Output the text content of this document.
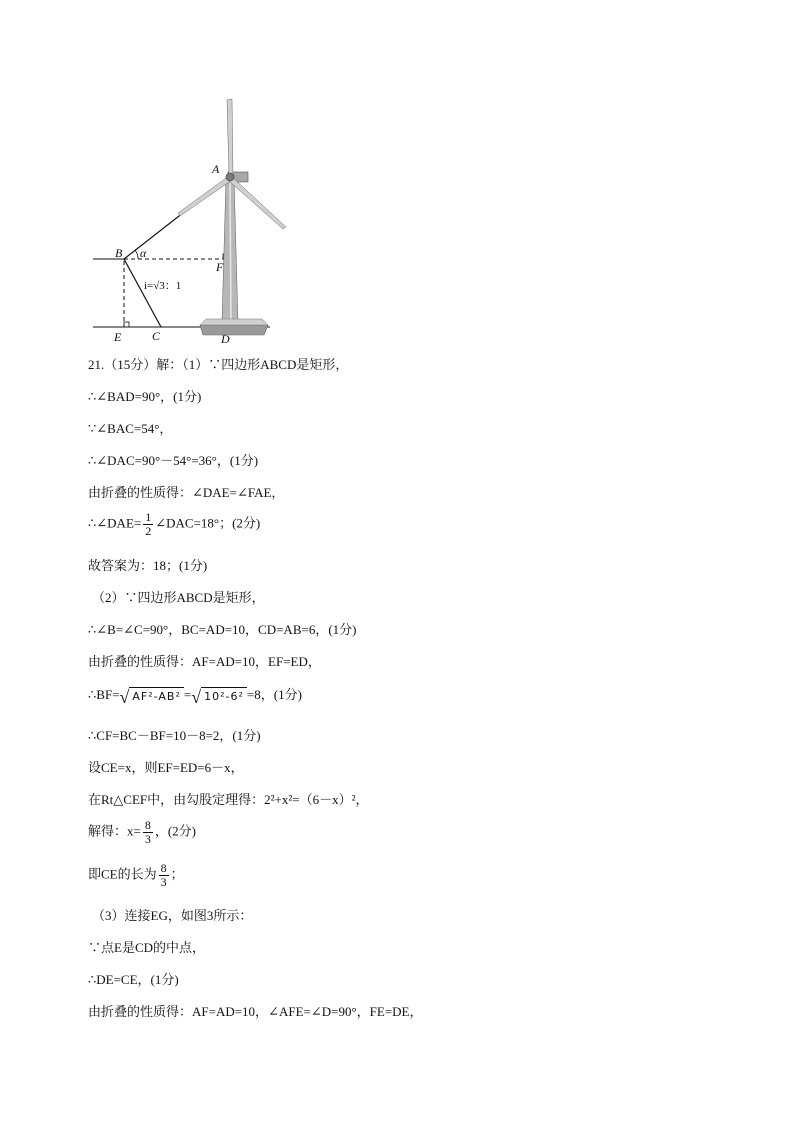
A
B
C	D
E
F
α
i=√3：1
21.（15分）解：（1）∵四边形ABCD是矩形，
∴∠BAD=90°，(1分)
∵∠BAC=54°，
∴∠DAC=90°－54°=36°，(1分)
由折叠的性质得：∠DAE=∠FAE，
∴∠DAE= $\frac{1}{2}$ ∠DAC=18°；(2分)
故答案为：18；(1分)
（2）∵四边形ABCD是矩形，
∴∠B=∠C=90°，BC=AD=10，CD=AB=6，(1分)
由折叠的性质得：AF=AD=10，EF=ED，
∴BF=√ AF²-AB² =√ 10²-6² =8，(1分)
∴CF=BC－BF=10－8=2，(1分)
设CE=x，则EF=ED=6－x，
在Rt△CEF中，由勾股定理得：2²+x²=（6－x）²，
解得：$x= \frac{8}{3}$ ，(2分)
即CE的长为 $\frac{8}{3}$ ；
（3）连接EG，如图3所示：
∵点E是CD的中点，
∴DE=CE，(1分)
由折叠的性质得：AF=AD=10，∠AFE=∠D=90°，FE=DE，
